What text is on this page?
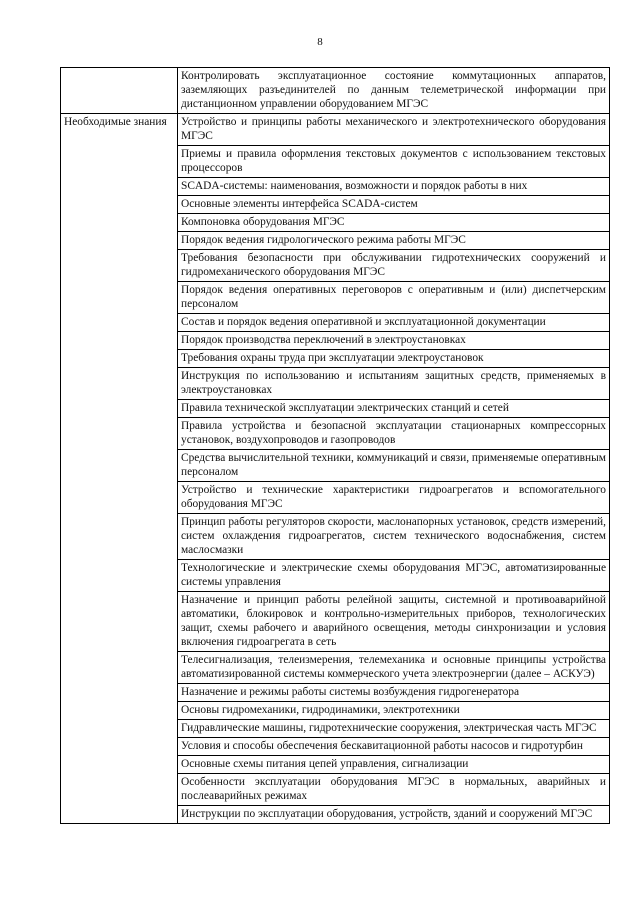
8
	Контролировать эксплуатационное состояние коммутационных аппаратов, заземляющих разъединителей по данным телеметрической информации при дистанционном управлении оборудованием МГЭС
Необходимые знания	Устройство и принципы работы механического и электротехнического оборудования МГЭС
	Приемы и правила оформления текстовых документов с использованием текстовых процессоров
	SCADA-системы: наименования, возможности и порядок работы в них
	Основные элементы интерфейса SCADA-систем
	Компоновка оборудования МГЭС
	Порядок ведения гидрологического режима работы МГЭС
	Требования безопасности при обслуживании гидротехнических сооружений и гидромеханического оборудования МГЭС
	Порядок ведения оперативных переговоров с оперативным и (или) диспетчерским персоналом
	Состав и порядок ведения оперативной и эксплуатационной документации
	Порядок производства переключений в электроустановках
	Требования охраны труда при эксплуатации электроустановок
	Инструкция по использованию и испытаниям защитных средств, применяемых в электроустановках
	Правила технической эксплуатации электрических станций и сетей
	Правила устройства и безопасной эксплуатации стационарных компрессорных установок, воздухопроводов и газопроводов
	Средства вычислительной техники, коммуникаций и связи, применяемые оперативным персоналом
	Устройство и технические характеристики гидроагрегатов и вспомогательного оборудования МГЭС
	Принцип работы регуляторов скорости, маслонапорных установок, средств измерений, систем охлаждения гидроагрегатов, систем технического водоснабжения, систем маслосмазки
	Технологические и электрические схемы оборудования МГЭС, автоматизированные системы управления
	Назначение и принцип работы релейной защиты, системной и противоаварийной автоматики, блокировок и контрольно-измерительных приборов, технологических защит, схемы рабочего и аварийного освещения, методы синхронизации и условия включения гидроагрегата в сеть
	Телесигнализация, телеизмерения, телемеханика и основные принципы устройства автоматизированной системы коммерческого учета электроэнергии (далее – АСКУЭ)
	Назначение и режимы работы системы возбуждения гидрогенератора
	Основы гидромеханики, гидродинамики, электротехники
	Гидравлические машины, гидротехнические сооружения, электрическая часть МГЭС
	Условия и способы обеспечения бескавитационной работы насосов и гидротурбин
	Основные схемы питания цепей управления, сигнализации
	Особенности эксплуатации оборудования МГЭС в нормальных, аварийных и послеаварийных режимах
	Инструкции по эксплуатации оборудования, устройств, зданий и сооружений МГЭС
